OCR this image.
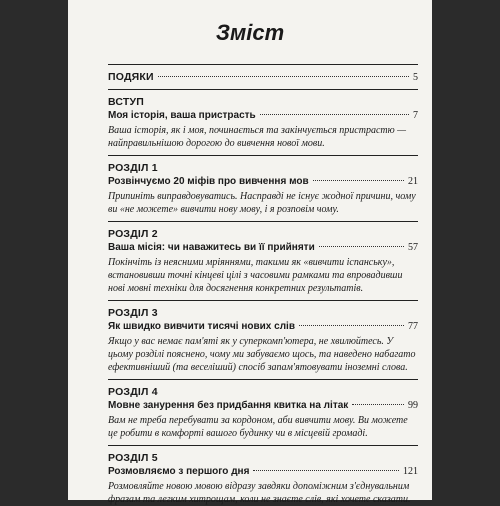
Зміст
ПОДЯКИ	5
ВСТУП
Моя історія, ваша пристрасть	7
Ваша історія, як і моя, починається та закінчується пристрастю — найправильнішою дорогою до вивчення нової мови.
РОЗДІЛ 1
Розвінчуємо 20 міфів про вивчення мов	21
Припиніть виправдовуватись. Насправді не існує жодної причини, чому ви «не можете» вивчити нову мову, і я розповім чому.
РОЗДІЛ 2
Ваша місія: чи наважитесь ви її прийняти	57
Покінчіть із неясними мріяннями, такими як «вивчити іспанську», встановивши точні кінцеві цілі з часовими рамками та впровадивши нові мовні техніки для досягнення конкретних результатів.
РОЗДІЛ 3
Як швидко вивчити тисячі нових слів	77
Якщо у вас немає пам'яті як у суперкомп'ютера, не хвилюйтесь. У цьому розділі пояснено, чому ми забуваємо щось, та наведено набагато ефективніший (та веселіший) спосіб запам'ятовувати іноземні слова.
РОЗДІЛ 4
Мовне занурення без придбання квитка на літак	99
Вам не треба перебувати за кордоном, аби вивчити мову. Ви можете це робити в комфорті вашого будинку чи в місцевій громаді.
РОЗДІЛ 5
Розмовляємо з першого дня	121
Розмовляйте новою мовою відразу завдяки допоміжним з'єднувальним фразам та легким хитрощам, коли не знаєте слів, які хочете сказати.
